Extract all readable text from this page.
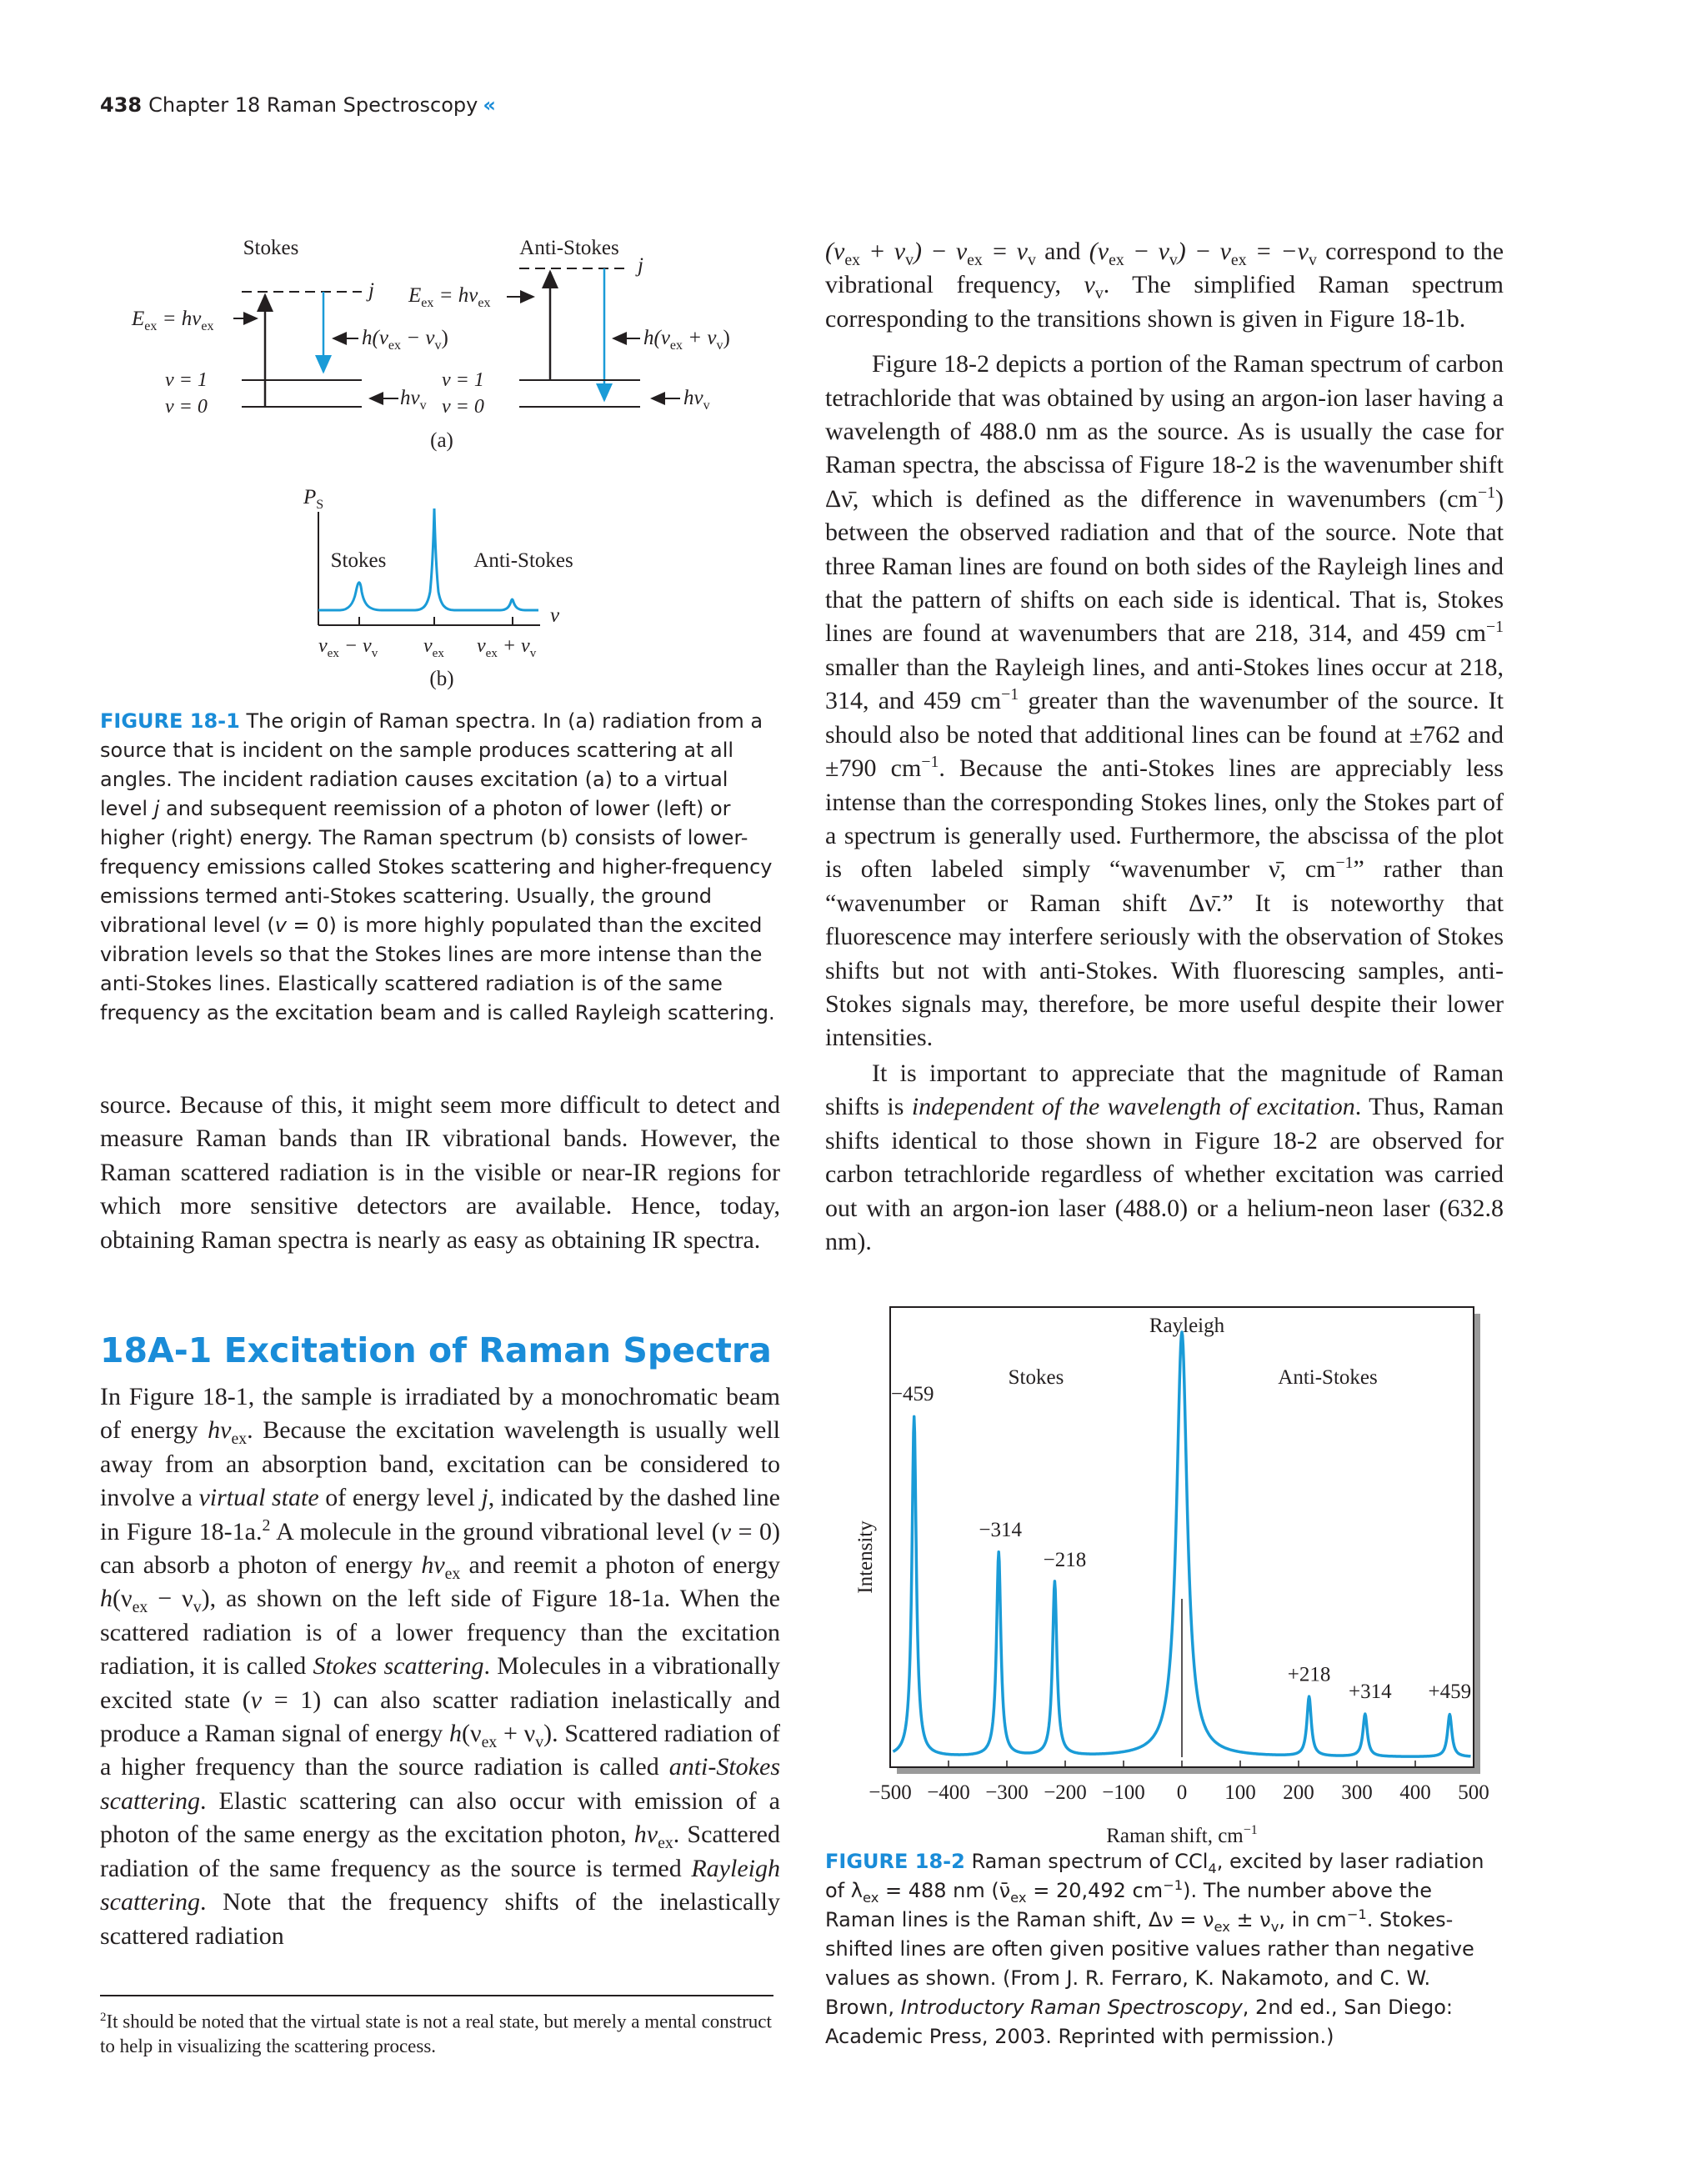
438 Chapter 18 Raman Spectroscopy «
Stokes	Anti-Stokes
j
j
$E_{ex} = h\nu_{ex}$
$E_{ex} = h\nu_{ex}$
$h(\nu_{ex} - \nu_v)$
v = 1
v = 0	$h\nu_v$
$h(\nu_{ex} + \nu_v)$
v = 1
v = 0	$h\nu_v$
(a)
$P_S$
ν
Stokes	Anti-Stokes
$\nu_{ex} - \nu_v$ $\nu_{ex}$ $\nu_{ex} + \nu_v$
(b)

FIGURE 18-1 The origin of Raman spectra. In (a) radiation from a source that is incident on the sample produces scattering at all angles. The incident radiation causes excitation (a) to a virtual level j and subsequent reemission of a photon of lower (left) or higher (right) energy. The Raman spectrum (b) consists of lower-frequency emissions called Stokes scattering and higher-frequency emissions termed anti-Stokes scattering. Usually, the ground vibrational level (v = 0) is more highly populated than the excited vibration levels so that the Stokes lines are more intense than the anti-Stokes lines. Elastically scattered radiation is of the same frequency as the excitation beam and is called Rayleigh scattering.

source. Because of this, it might seem more difficult to detect and measure Raman bands than IR vibrational bands. However, the Raman scattered radiation is in the visible or near-IR regions for which more sensitive detectors are available. Hence, today, obtaining Raman spectra is nearly as easy as obtaining IR spectra.

18A-1 Excitation of Raman Spectra

In Figure 18-1, the sample is irradiated by a monochromatic beam of energy $h\nu_{ex}$. Because the excitation wavelength is usually well away from an absorption band, excitation can be considered to involve a virtual state of energy level j, indicated by the dashed line in Figure 18-1a.$^2$ A molecule in the ground vibrational level (v = 0) can absorb a photon of energy $h\nu_{ex}$ and reemit a photon of energy $h(\nu_{ex} - \nu_v)$, as shown on the left side of Figure 18-1a. When the scattered radiation is of a lower frequency than the excitation radiation, it is called Stokes scattering. Molecules in a vibrationally excited state (v = 1) can also scatter radiation inelastically and produce a Raman signal of energy $h(\nu_{ex} + \nu_v)$. Scattered radiation of a higher frequency than the source radiation is called anti-Stokes scattering. Elastic scattering can also occur with emission of a photon of the same energy as the excitation photon, $h\nu_{ex}$. Scattered radiation of the same frequency as the source is termed Rayleigh scattering. Note that the frequency shifts of the inelastically scattered radiation

$^2$It should be noted that the virtual state is not a real state, but merely a mental construct to help in visualizing the scattering process.

$(\nu_{ex} + \nu_v) - \nu_{ex} = \nu_v$ and $(\nu_{ex} - \nu_v) - \nu_{ex} = -\nu_v$ correspond to the vibrational frequency, $\nu_v$. The simplified Raman spectrum corresponding to the transitions shown is given in Figure 18-1b.

Figure 18-2 depicts a portion of the Raman spectrum of carbon tetrachloride that was obtained by using an argon-ion laser having a wavelength of 488.0 nm as the source. As is usually the case for Raman spectra, the abscissa of Figure 18-2 is the wavenumber shift Δν̄, which is defined as the difference in wavenumbers $(cm^{-1})$ between the observed radiation and that of the source. Note that three Raman lines are found on both sides of the Rayleigh lines and that the pattern of shifts on each side is identical. That is, Stokes lines are found at wavenumbers that are 218, 314, and 459 $cm^{-1}$ smaller than the Rayleigh lines, and anti-Stokes lines occur at 218, 314, and 459 $cm^{-1}$ greater than the wavenumber of the source. It should also be noted that additional lines can be found at ±762 and ±790 $cm^{-1}$. Because the anti-Stokes lines are appreciably less intense than the corresponding Stokes lines, only the Stokes part of a spectrum is generally used. Furthermore, the abscissa of the plot is often labeled simply “wavenumber ν̄, $cm^{-1}$” rather than “wavenumber or Raman shift Δν̄.” It is noteworthy that fluorescence may interfere seriously with the observation of Stokes shifts but not with anti-Stokes. With fluorescing samples, anti-Stokes signals may, therefore, be more useful despite their lower intensities.

It is important to appreciate that the magnitude of Raman shifts is independent of the wavelength of excitation. Thus, Raman shifts identical to those shown in Figure 18-2 are observed for carbon tetrachloride regardless of whether excitation was carried out with an argon-ion laser (488.0) or a helium-neon laser (632.8 nm).

Intensity
−459
−314
−218
Rayleigh
+218
+314 +459
Stokes	Anti-Stokes
−500 −400 −300 −200 −100 0 100 200 300 400 500
Raman shift, $cm^{-1}$

FIGURE 18-2 Raman spectrum of CCl$_4$, excited by laser radiation of $\lambda_{ex} = 488$ nm ($\nū_{ex} = 20,492$ $cm^{-1}$). The number above the Raman lines is the Raman shift, $\Delta\nu = \nu_{ex} \pm \nu_v$, in $cm^{-1}$. Stokes-shifted lines are often given positive values rather than negative values as shown. (From J. R. Ferraro, K. Nakamoto, and C. W. Brown, Introductory Raman Spectroscopy, 2nd ed., San Diego: Academic Press, 2003. Reprinted with permission.)
